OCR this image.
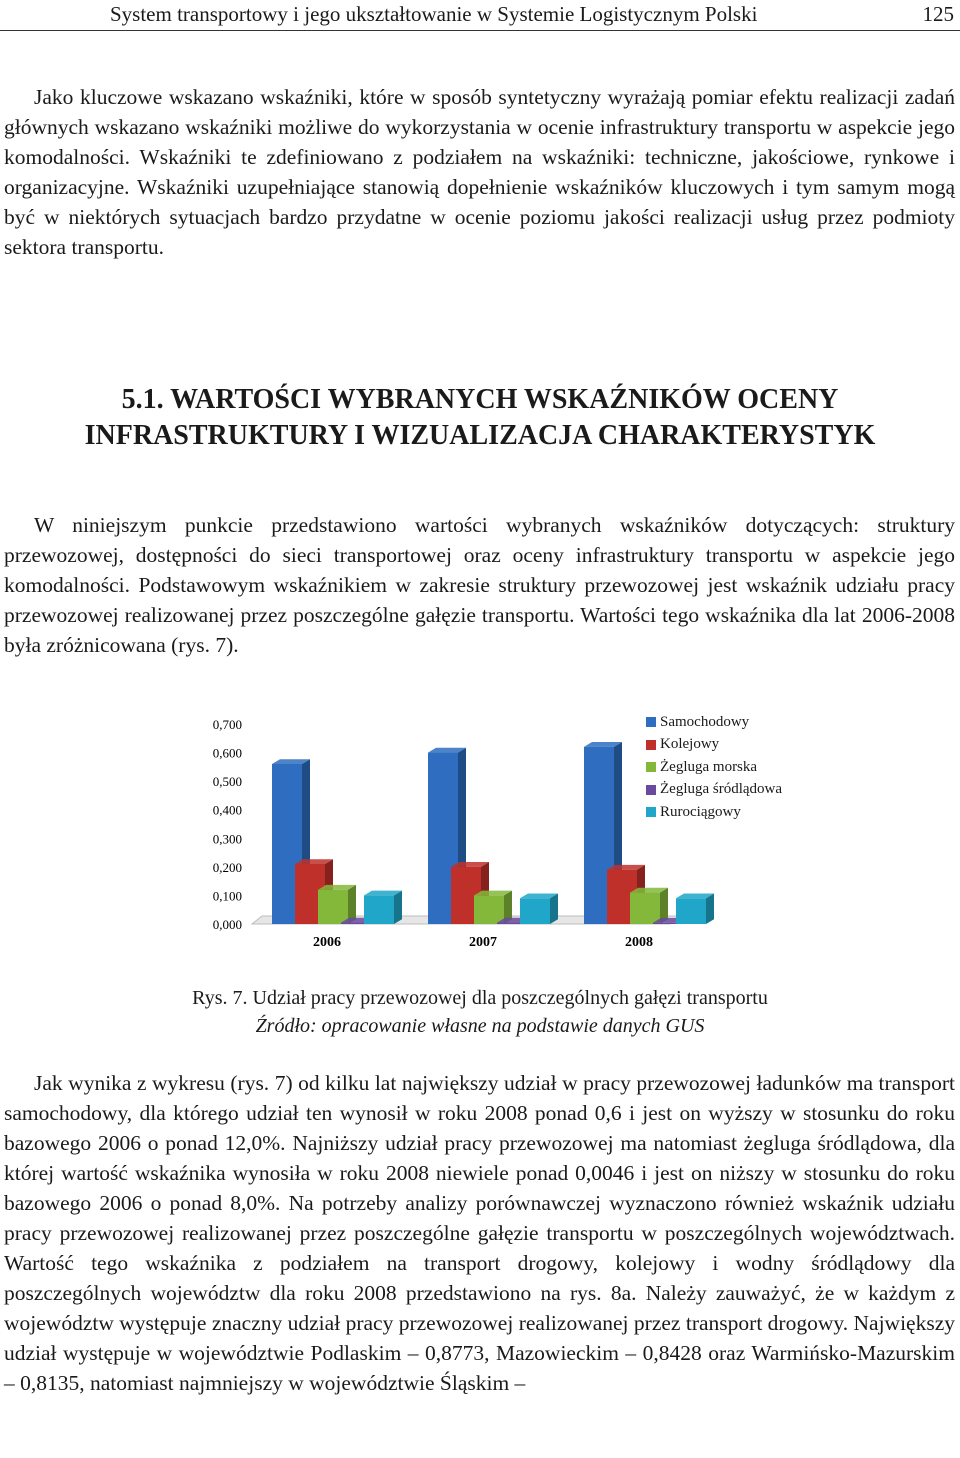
System transportowy i jego ukształtowanie w Systemie Logistycznym Polski	125

Jako kluczowe wskazano wskaźniki, które w sposób syntetyczny wyrażają pomiar efektu realizacji zadań głównych wskazano wskaźniki możliwe do wykorzystania w ocenie infrastruktury transportu w aspekcie jego komodalności. Wskaźniki te zdefiniowano z podziałem na wskaźniki: techniczne, jakościowe, rynkowe i organizacyjne. Wskaźniki uzupełniające stanowią dopełnienie wskaźników kluczowych i tym samym mogą być w niektórych sytuacjach bardzo przydatne w ocenie poziomu jakości realizacji usług przez podmioty sektora transportu.

5.1. WARTOŚCI WYBRANYCH WSKAŹNIKÓW OCENY
INFRASTRUKTURY I WIZUALIZACJA CHARAKTERYSTYK

W niniejszym punkcie przedstawiono wartości wybranych wskaźników dotyczących: struktury przewozowej, dostępności do sieci transportowej oraz oceny infrastruktury transportu w aspekcie jego komodalności. Podstawowym wskaźnikiem w zakresie struktury przewozowej jest wskaźnik udziału pracy przewozowej realizowanej przez poszczególne gałęzie transportu. Wartości tego wskaźnika dla lat 2006-2008 była zróżnicowana (rys. 7).

0,000
0,100
0,200
0,300
0,400
0,500
0,600
0,700
2006	2007	2008
Samochodowy
Kolejowy
Żegluga morska
Żegluga śródlądowa
Rurociągowy

Rys. 7. Udział pracy przewozowej dla poszczególnych gałęzi transportu

Źródło: opracowanie własne na podstawie danych GUS

Jak wynika z wykresu (rys. 7) od kilku lat największy udział w pracy przewozowej ładunków ma transport samochodowy, dla którego udział ten wynosił w roku 2008 ponad 0,6 i jest on wyższy w stosunku do roku bazowego 2006 o ponad 12,0%. Najniższy udział pracy przewozowej ma natomiast żegluga śródlądowa, dla której wartość wskaźnika wynosiła w roku 2008 niewiele ponad 0,0046 i jest on niższy w stosunku do roku bazowego 2006 o ponad 8,0%. Na potrzeby analizy porównawczej wyznaczono również wskaźnik udziału pracy przewozowej realizowanej przez poszczególne gałęzie transportu w poszczególnych województwach. Wartość tego wskaźnika z podziałem na transport drogowy, kolejowy i wodny śródlądowy dla poszczególnych województw dla roku 2008 przedstawiono na rys. 8a. Należy zauważyć, że w każdym z województw występuje znaczny udział pracy przewozowej realizowanej przez transport drogowy. Największy udział występuje w województwie Podlaskim – 0,8773, Mazowieckim – 0,8428 oraz Warmińsko-Mazurskim – 0,8135, natomiast najmniejszy w województwie Śląskim –
